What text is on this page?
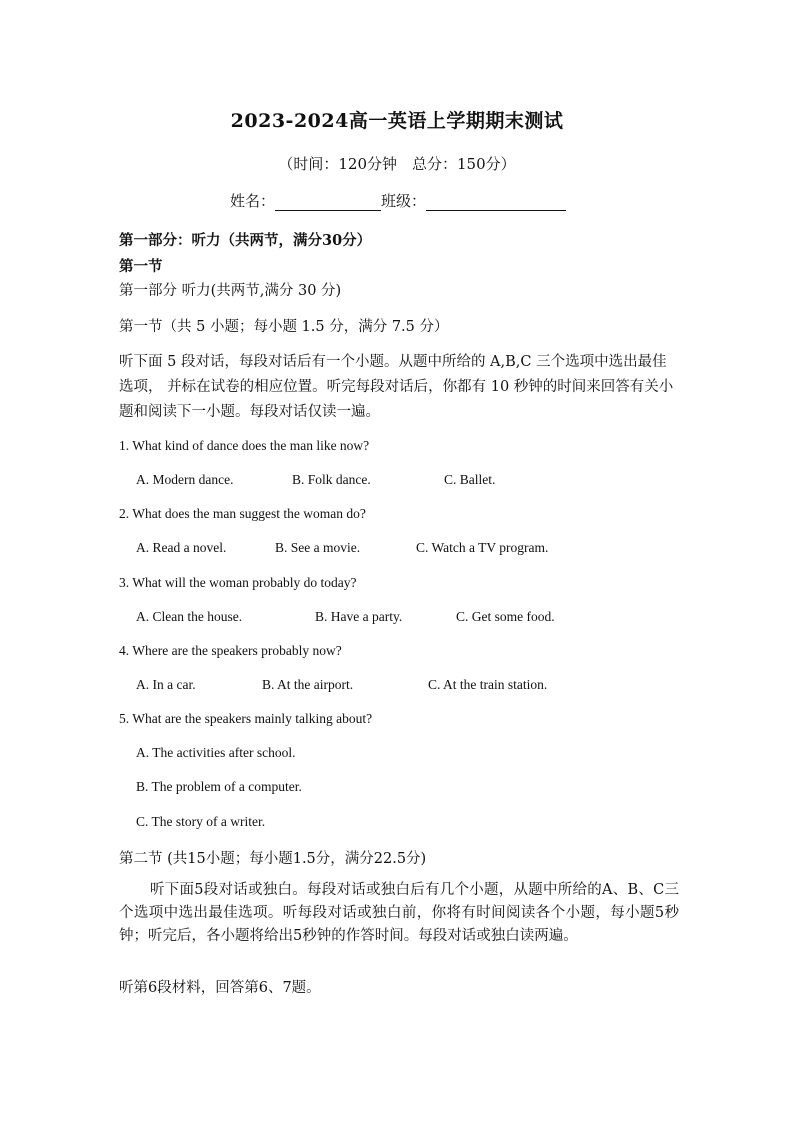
2023-2024高一英语上学期期末测试
（时间：120分钟　总分：150分）
姓名：	班级：
第一部分：听力（共两节，满分30分）
第一节
第一部分 听力(共两节,满分 30 分)
第一节（共 5 小题；每小题 1.5 分，满分 7.5 分）
听下面 5 段对话，每段对话后有一个小题。从题中所给的 A,B,C 三个选项中选出最佳选项， 并标在试卷的相应位置。听完每段对话后，你都有 10 秒钟的时间来回答有关小题和阅读下一小题。每段对话仅读一遍。
1. What kind of dance does the man like now?
A. Modern dance.	B. Folk dance.	C. Ballet.
2. What does the man suggest the woman do?
A. Read a novel.	B. See a movie.	C. Watch a TV program.
3. What will the woman probably do today?
A. Clean the house.	B. Have a party.	C. Get some food.
4. Where are the speakers probably now?
A. In a car.	B. At the airport.	C. At the train station.
5. What are the speakers mainly talking about?
A. The activities after school.
B. The problem of a computer.
C. The story of a writer.
第二节 (共15小题；每小题1.5分，满分22.5分)
听下面5段对话或独白。每段对话或独白后有几个小题，从题中所给的A、B、C三个选项中选出最佳选项。听每段对话或独白前，你将有时间阅读各个小题，每小题5秒钟；听完后，各小题将给出5秒钟的作答时间。每段对话或独白读两遍。
听第6段材料，回答第6、7题。
